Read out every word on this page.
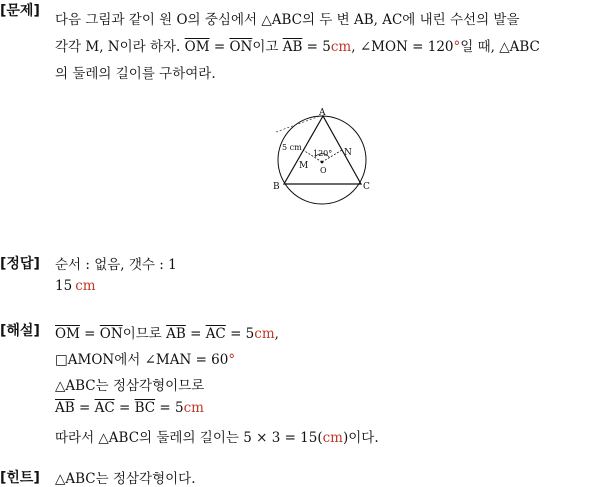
[문제]
다음 그림과 같이 원 O의 중심에서 △ABC의 두 변 AB, AC에 내린 수선의 발을
각각 M, N이라 하자. $\overline{OM} = \overline{ON}$이고 $\overline{AB} = 5cm$, ∠MON = 120°일 때, △ABC
의 둘레의 길이를 구하여라.
A
B	C
M
N
O
5 cm
120°
[정답] 순서 : 없음, 갯수 : 1
15 cm
[해설] $\overline{OM} = \overline{ON}$이므로 $\overline{AB} = \overline{AC} = 5cm$,
□AMON에서 ∠MAN = 60°
△ABC는 정삼각형이므로
$\overline{AB} = \overline{AC} = \overline{BC} = 5cm$
따라서 △ABC의 둘레의 길이는 5 × 3 = 15(cm)이다.
[힌트] △ABC는 정삼각형이다.
